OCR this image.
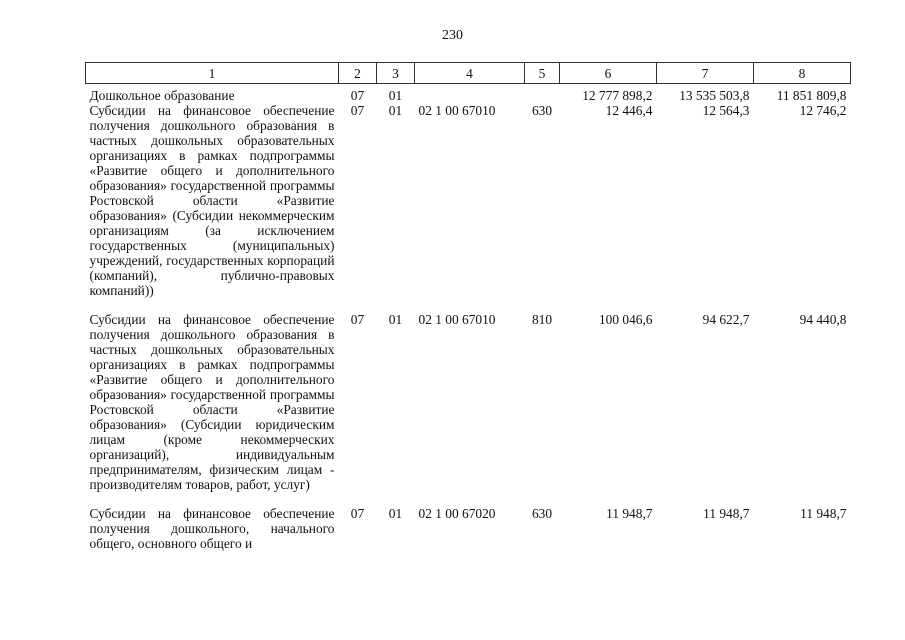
230
1	2	3	4	5	6	7	8
Дошкольное образование	07	01			12 777 898,2	13 535 503,8	11 851 809,8
Субсидии на финансовое обеспечение получения дошкольного образования в частных дошкольных образовательных организациях в рамках подпрограммы «Развитие общего и дополнительного образования» государственной программы Ростовской области «Развитие образования» (Субсидии некоммерческим организациям (за исключением государственных (муниципальных) учреждений, государственных корпораций (компаний), публично-правовых компаний))	07	01	02 1 00 67010	630	12 446,4	12 564,3	12 746,2
Субсидии на финансовое обеспечение получения дошкольного образования в частных дошкольных образовательных организациях в рамках подпрограммы «Развитие общего и дополнительного образования» государственной программы Ростовской области «Развитие образования» (Субсидии юридическим лицам (кроме некоммерческих организаций), индивидуальным предпринимателям, физическим лицам - производителям товаров, работ, услуг)	07	01	02 1 00 67010	810	100 046,6	94 622,7	94 440,8
Субсидии на финансовое обеспечение получения дошкольного, начального общего, основного общего и	07	01	02 1 00 67020	630	11 948,7	11 948,7	11 948,7
